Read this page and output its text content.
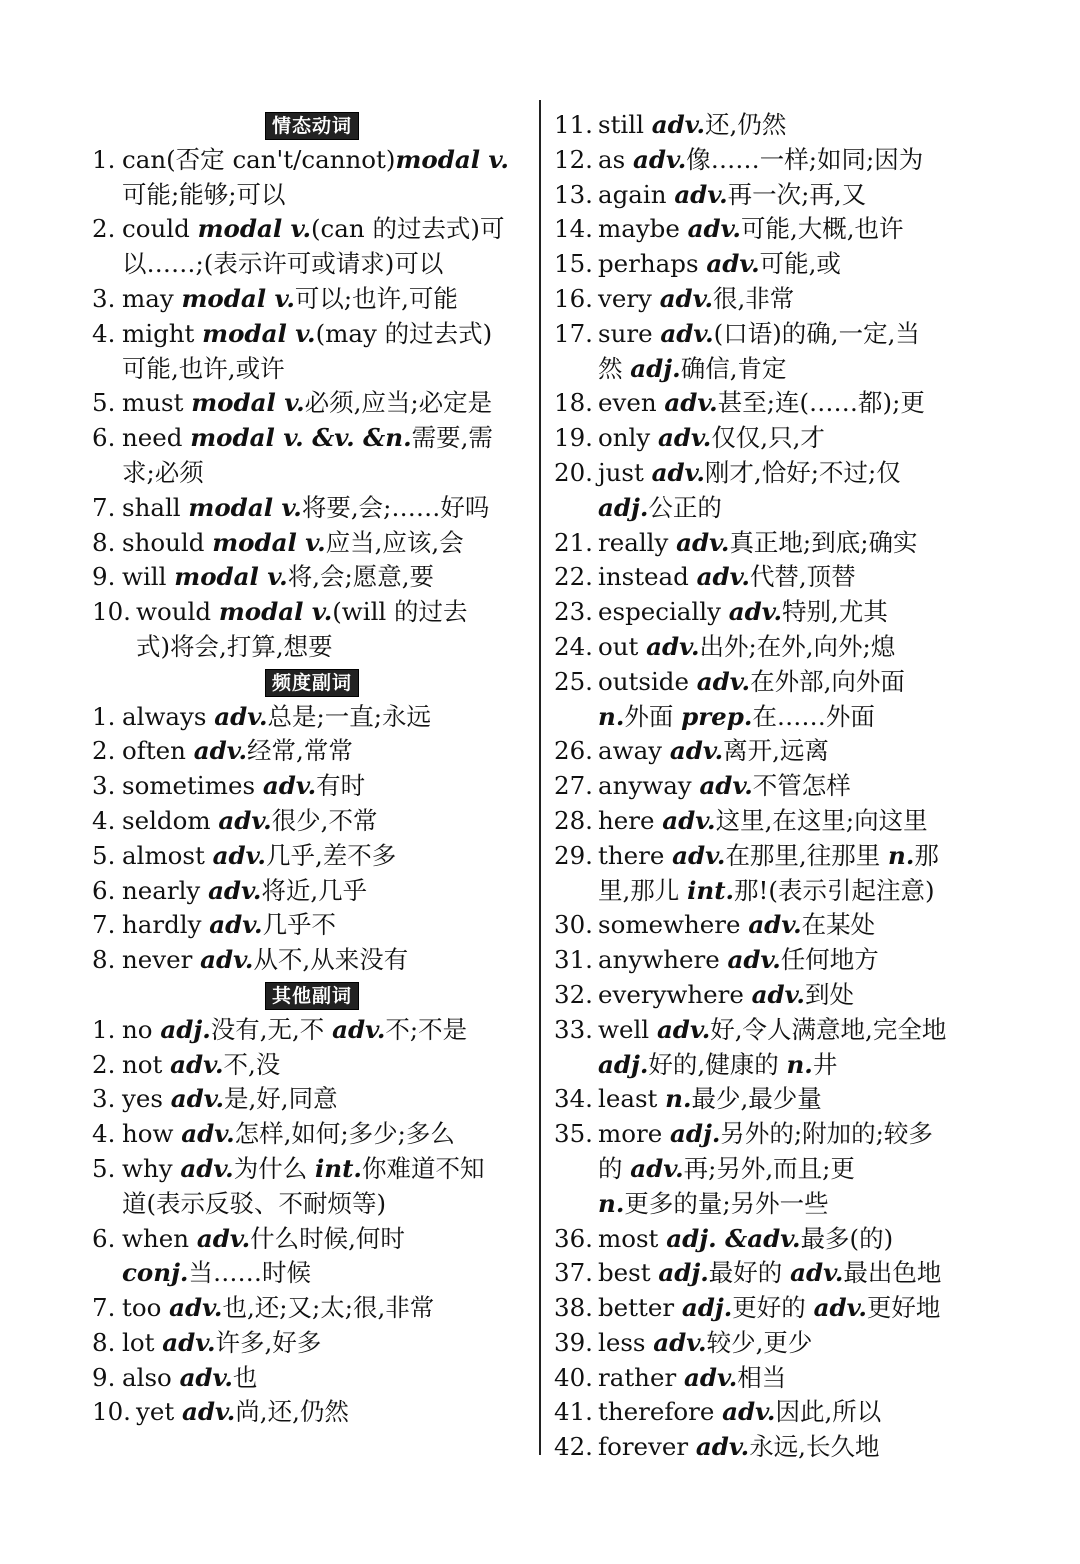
情态动词
1. can(否定 can't/cannot)modal v.
可能;能够;可以
2. could modal v.(can 的过去式)可
以……;(表示许可或请求)可以
3. may modal v.可以;也许,可能
4. might modal v.(may 的过去式)
可能,也许,或许
5. must modal v.必须,应当;必定是
6. need modal v. &v. &n.需要,需
求;必须
7. shall modal v.将要,会;……好吗
8. should modal v.应当,应该,会
9. will modal v.将,会;愿意,要
10. would modal v.(will 的过去
式)将会,打算,想要
频度副词
1. always adv.总是;一直;永远
2. often adv.经常,常常
3. sometimes adv.有时
4. seldom adv.很少,不常
5. almost adv.几乎,差不多
6. nearly adv.将近,几乎
7. hardly adv.几乎不
8. never adv.从不,从来没有
其他副词
1. no adj.没有,无,不 adv.不;不是
2. not adv.不,没
3. yes adv.是,好,同意
4. how adv.怎样,如何;多少;多么
5. why adv.为什么 int.你难道不知
道(表示反驳、不耐烦等)
6. when adv.什么时候,何时
conj.当……时候
7. too adv.也,还;又;太;很,非常
8. lot adv.许多,好多
9. also adv.也
10. yet adv.尚,还,仍然
11. still adv.还,仍然
12. as adv.像……一样;如同;因为
13. again adv.再一次;再,又
14. maybe adv.可能,大概,也许
15. perhaps adv.可能,或
16. very adv.很,非常
17. sure adv.(口语)的确,一定,当
然 adj.确信,肯定
18. even adv.甚至;连(……都);更
19. only adv.仅仅,只,才
20. just adv.刚才,恰好;不过;仅
adj.公正的
21. really adv.真正地;到底;确实
22. instead adv.代替,顶替
23. especially adv.特别,尤其
24. out adv.出外;在外,向外;熄
25. outside adv.在外部,向外面
n.外面 prep.在……外面
26. away adv.离开,远离
27. anyway adv.不管怎样
28. here adv.这里,在这里;向这里
29. there adv.在那里,往那里 n.那
里,那儿 int.那!(表示引起注意)
30. somewhere adv.在某处
31. anywhere adv.任何地方
32. everywhere adv.到处
33. well adv.好,令人满意地,完全地
adj.好的,健康的 n.井
34. least n.最少,最少量
35. more adj.另外的;附加的;较多
的 adv.再;另外,而且;更
n.更多的量;另外一些
36. most adj. &adv.最多(的)
37. best adj.最好的 adv.最出色地
38. better adj.更好的 adv.更好地
39. less adv.较少,更少
40. rather adv.相当
41. therefore adv.因此,所以
42. forever adv.永远,长久地
